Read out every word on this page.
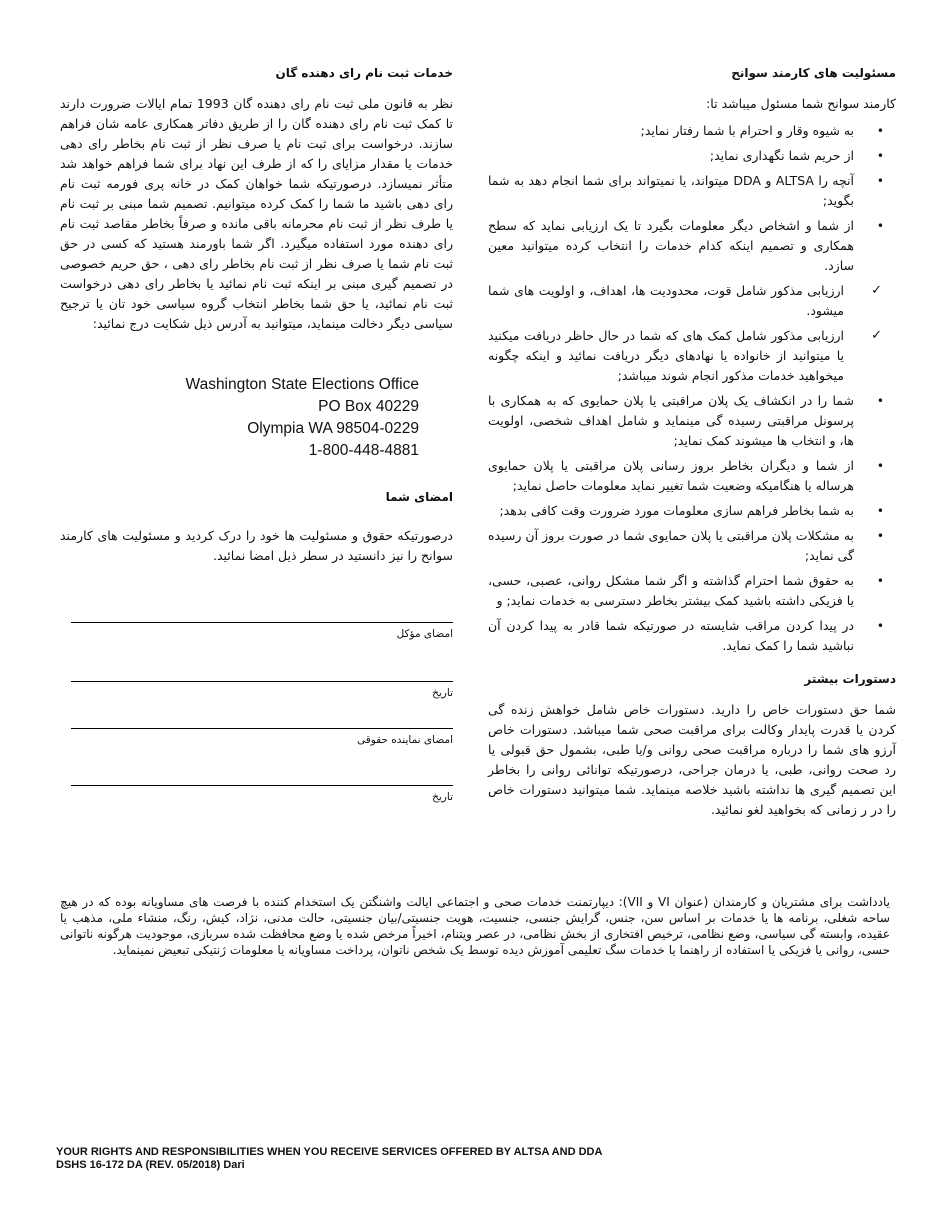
مسئولیت های کارمند سوانح

کارمند سوانح شما مسئول میباشد تا:

• به شیوه وقار و احترام با شما رفتار نماید;
• از حریم شما نگهداری نماید;
• آنچه را ALTSA و DDA میتواند، یا نمیتواند برای شما انجام دهد به شما بگوید;
• از شما و اشخاص دیگر معلومات بگیرد تا یک ارزیابی نماید که سطح همکاری و تصمیم اینکه کدام خدمات را انتخاب کرده میتوانید معین سازد.
✓ ارزیابی مذکور شامل قوت، محدودیت ها، اهداف، و اولویت های شما میشود.
✓ ارزیابی مذکور شامل کمک های که شما در حال حاظر دریافت میکنید یا میتوانید از خانواده یا نهادهای دیگر دریافت نمائید و اینکه چگونه میخواهید خدمات مذکور انجام شوند میباشد;
• شما را در انکشاف یک پلان مراقبتی یا پلان حمایوی که به همکاری با پرسونل مراقبتی رسیده گی مینماید و شامل اهداف شخصی، اولویت ها، و انتخاب ها میشوند کمک نماید;
• از شما و دیگران بخاطر بروز رسانی پلان مراقبتی یا پلان حمایوی هرساله یا هنگامیکه وضعیت شما تغییر نماید معلومات حاصل نماید;
• به شما بخاطر فراهم سازی معلومات مورد ضرورت وقت کافی بدهد;
• به مشکلات پلان مراقبتی یا پلان حمایوی شما در صورت بروز آن رسیده گی نماید;
• به حقوق شما احترام گذاشته و اگر شما مشکل روانی، عصبی، حسی، یا فزیکی داشته باشید کمک بیشتر بخاطر دسترسی به خدمات نماید; و
• در پیدا کردن مراقب شایسته در صورتیکه شما قادر به پیدا کردن آن نباشید شما را کمک نماید.
دستورات بیشتر

شما حق دستورات خاص را دارید. دستورات خاص شامل خواهش زنده گی کردن یا قدرت پایدار وکالت برای مراقبت صحی شما میباشد. دستورات خاص آرزو های شما را درباره مراقبت صحی روانی و/یا طبی، بشمول حق قبولی یا رد صحت روانی، طبی، یا درمان جراحی، درصورتیکه توانائی روانی را بخاطر این تصمیم گیری ها نداشته باشید خلاصه مینماید. شما میتوانید دستورات خاص را در ر زمانی که بخواهید لغو نمائید.

خدمات ثبت نام رای دهنده گان

نظر به قانون ملی ثبت نام رای دهنده گان 1993 تمام ایالات ضرورت دارند تا کمک ثبت نام رای دهنده گان را از طریق دفاتر همکاری عامه شان فراهم سازند. درخواست برای ثبت نام یا صرف نظر از ثبت نام بخاطر رای دهی خدمات یا مقدار مزایای را که از طرف این نهاد برای شما فراهم خواهد شد متأثر نمیسازد. درصورتیکه شما خواهان کمک در خانه پری فورمه ثبت نام رای دهی باشید ما شما را کمک کرده میتوانیم. تصمیم شما مبنی بر ثبت نام یا طرف نظر از ثبت نام محرمانه باقی مانده و صرفاً بخاطر مقاصد ثبت نام رای دهنده مورد استفاده میگیرد. اگر شما باورمند هستید که کسی در حق ثبت نام شما یا صرف نظر از ثبت نام بخاطر رای دهی ، حق حریم خصوصی در تصمیم گیری مبنی بر اینکه ثبت نام نمائید یا بخاطر رای دهی درخواست ثبت نام نمائید، یا حق شما بخاطر انتخاب گروه سیاسی خود تان یا ترجیح سیاسی دیگر دخالت مینماید، میتوانید به آدرس ذیل شکایت درج نمائید:

Washington State Elections Office
PO Box 40229
Olympia WA 98504-0229
1-800-448-4881
امضای شما

درصورتیکه حقوق و مسئولیت ها خود را درک کردید و مسئولیت های کارمند سوانح را نیز دانستید در سطر ذیل امضا نمائید.

امضای مؤکل
تاریخ
امضای نماینده حقوقی
تاریخ
یادداشت برای مشتریان و کارمندان (عنوان VI و VII): دیپارتمنت خدمات صحی و اجتماعی ایالت واشنگتن یک استخدام کننده با فرصت های مساویانه بوده که در هیچ ساحه شغلی، برنامه ها یا خدمات بر اساس سن، جنس، گرایش جنسی، جنسیت، هویت جنسیتی/بیان جنسیتی، حالت مدنی، نژاد، کیش، رنگ، منشاء ملی، مذهب یا عقیده، وابسته گی سیاسی، وضع نظامی، ترخیص افتخاری از بخش نظامی، در عصر ویتنام، اخیراً مرخص شده یا وضع محافظت شده سربازی، موجودیت هرگونه ناتوانی حسی، روانی یا فزیکی یا استفاده از راهنما یا خدمات سگ تعلیمی آموزش دیده توسط یک شخص ناتوان، پرداخت مساویانه یا معلومات ژنتیکی تبعیض نمینماید.
YOUR RIGHTS AND RESPONSIBILITIES WHEN YOU RECEIVE SERVICES OFFERED BY ALTSA AND DDA
DSHS 16-172 DA (REV. 05/2018) Dari
